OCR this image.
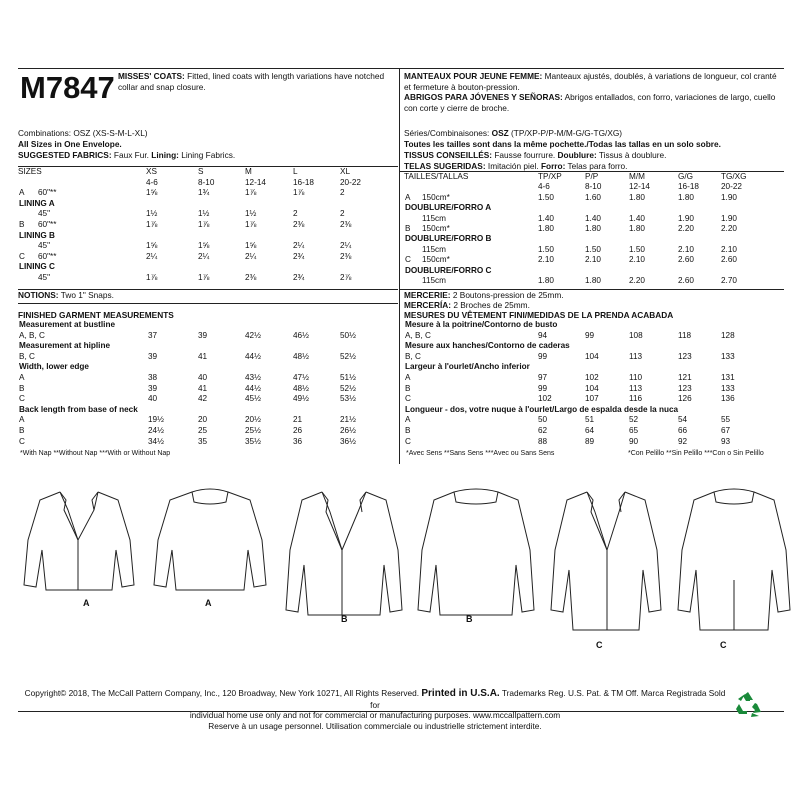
M7847 MISSES' COATS: Fitted, lined coats with length variations have notched collar and snap closure.
MANTEAUX POUR JEUNE FEMME: Manteaux ajustés, doublés, à variations de longueur, col cranté et fermeture à bouton-pression.
ABRIGOS PARA JÓVENES Y SEÑORAS: Abrigos entallados, con forro, variaciones de largo, cuello con corte y cierre de broche.
Combinations: OSZ (XS-S-M-L-XL)
All Sizes in One Envelope.
SUGGESTED FABRICS: Faux Fur. Lining: Lining Fabrics.
SIZES	XS	S	M	L	XL
4-6	8-10	12-14	16-18	20-22
A 60"**	1⅝	1¾	1⅞	1⅞	2
LINING A
45"	1½	1½	1½	2	2
B 60"**	1⅞	1⅞	1⅞	2⅜	2⅜
LINING B
45"	1⅝	1⅝	1⅝	2¼	2¼
C 60"**	2¼	2¼	2¼	2¾	2⅜
LINING C
45"	1⅞	1⅞	2⅜	2¾	2⅞
NOTIONS: Two 1" Snaps.
FINISHED GARMENT MEASUREMENTS
Measurement at bustline
A, B, C	37	39	42½	46½	50½
Measurement at hipline
B, C	39	41	44½	48½	52½
Width, lower edge
A	38	40	43½	47½	51½
B	39	41	44½	48½	52½
C	40	42	45½	49½	53½
Back length from base of neck
A	19½	20	20½	21	21½
B	24½	25	25½	26	26½
C	34½	35	35½	36	36½
*With Nap **Without Nap ***With or Without Nap
Séries/Combinaisones: OSZ (TP/XP-P/P-M/M-G/G-TG/XG)
Toutes les tailles sont dans la même pochette./Todas las tallas en un solo sobre.
TISSUS CONSEILLÉS: Fausse fourrure. Doublure: Tissus à doublure.
TELAS SUGERIDAS: Imitación piel. Forro: Telas para forro.
TAILLES/TALLAS	TP/XP	P/P	M/M	G/G	TG/XG
4-6	8-10	12-14	16-18	20-22
A 150cm*	1.50	1.60	1.80	1.80	1.90
DOUBLURE/FORRO A
115cm	1.40	1.40	1.40	1.90	1.90
B 150cm*	1.80	1.80	1.80	2.20	2.20
DOUBLURE/FORRO B
115cm	1.50	1.50	1.50	2.10	2.10
C 150cm*	2.10	2.10	2.10	2.60	2.60
DOUBLURE/FORRO C
115cm	1.80	1.80	2.20	2.60	2.70
MERCERIE: 2 Boutons-pression de 25mm.
MERCERÍA: 2 Broches de 25mm.
MESURES DU VÊTEMENT FINI/MEDIDAS DE LA PRENDA ACABADA
Mesure à la poitrine/Contorno de busto
A, B, C	94	99	108	118	128
Mesure aux hanches/Contorno de caderas
B, C	99	104	113	123	133
Largeur à l'ourlet/Ancho inferior
A	97	102	110	121	131
B	99	104	113	123	133
C	102	107	116	126	136
Longueur - dos, votre nuque à l'ourlet/Largo de espalda desde la nuca
A	50	51	52	54	55
B	62	64	65	66	67
C	88	89	90	92	93
*Avec Sens **Sans Sens ***Avec ou Sans Sens	*Con Pelillo **Sin Pelillo ***Con o Sin Pelillo
A	A
B	B
C	C
Copyright© 2018, The McCall Pattern Company, Inc., 120 Broadway, New York 10271, All Rights Reserved. Printed in U.S.A. Trademarks Reg. U.S. Pat. & TM Off. Marca Registrada Sold for
individual home use only and not for commercial or manufacturing purposes. www.mccallpattern.com
Reserve à un usage personnel. Utilisation commerciale ou industrielle strictement interdite.
